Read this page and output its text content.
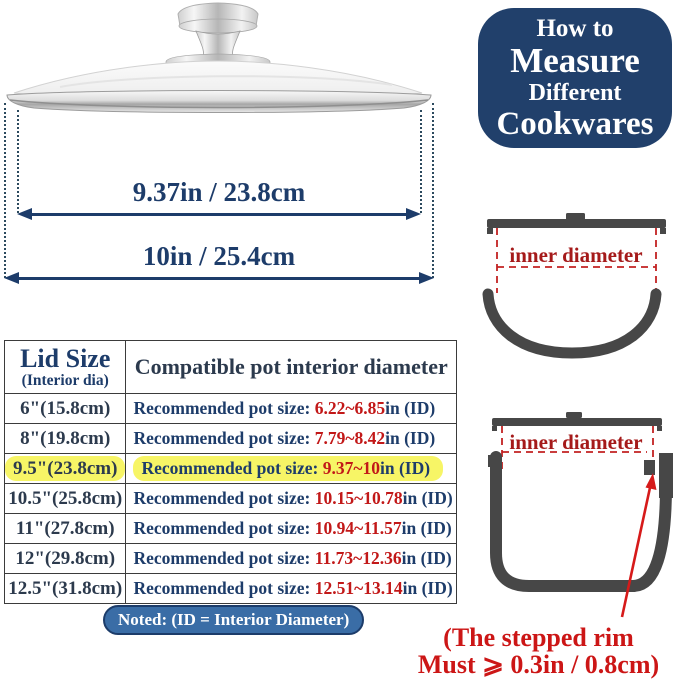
9.37in / 23.8cm
10in / 25.4cm
How to
Measure
Different
Cookwares
Lid Size
(Interior dia)	Compatible pot interior diameter
6"(15.8cm)	Recommended pot size: 6.22~6.85in (ID)
8"(19.8cm)	Recommended pot size: 7.79~8.42in (ID)
9.5"(23.8cm)	Recommended pot size: 9.37~10in (ID)
10.5"(25.8cm)	Recommended pot size: 10.15~10.78in (ID)
11"(27.8cm)	Recommended pot size: 10.94~11.57in (ID)
12"(29.8cm)	Recommended pot size: 11.73~12.36in (ID)
12.5"(31.8cm)	Recommended pot size: 12.51~13.14in (ID)
Noted: (ID = Interior Diameter)
inner diameter
inner diameter
(The stepped rim
Must ⩾ 0.3in / 0.8cm)
